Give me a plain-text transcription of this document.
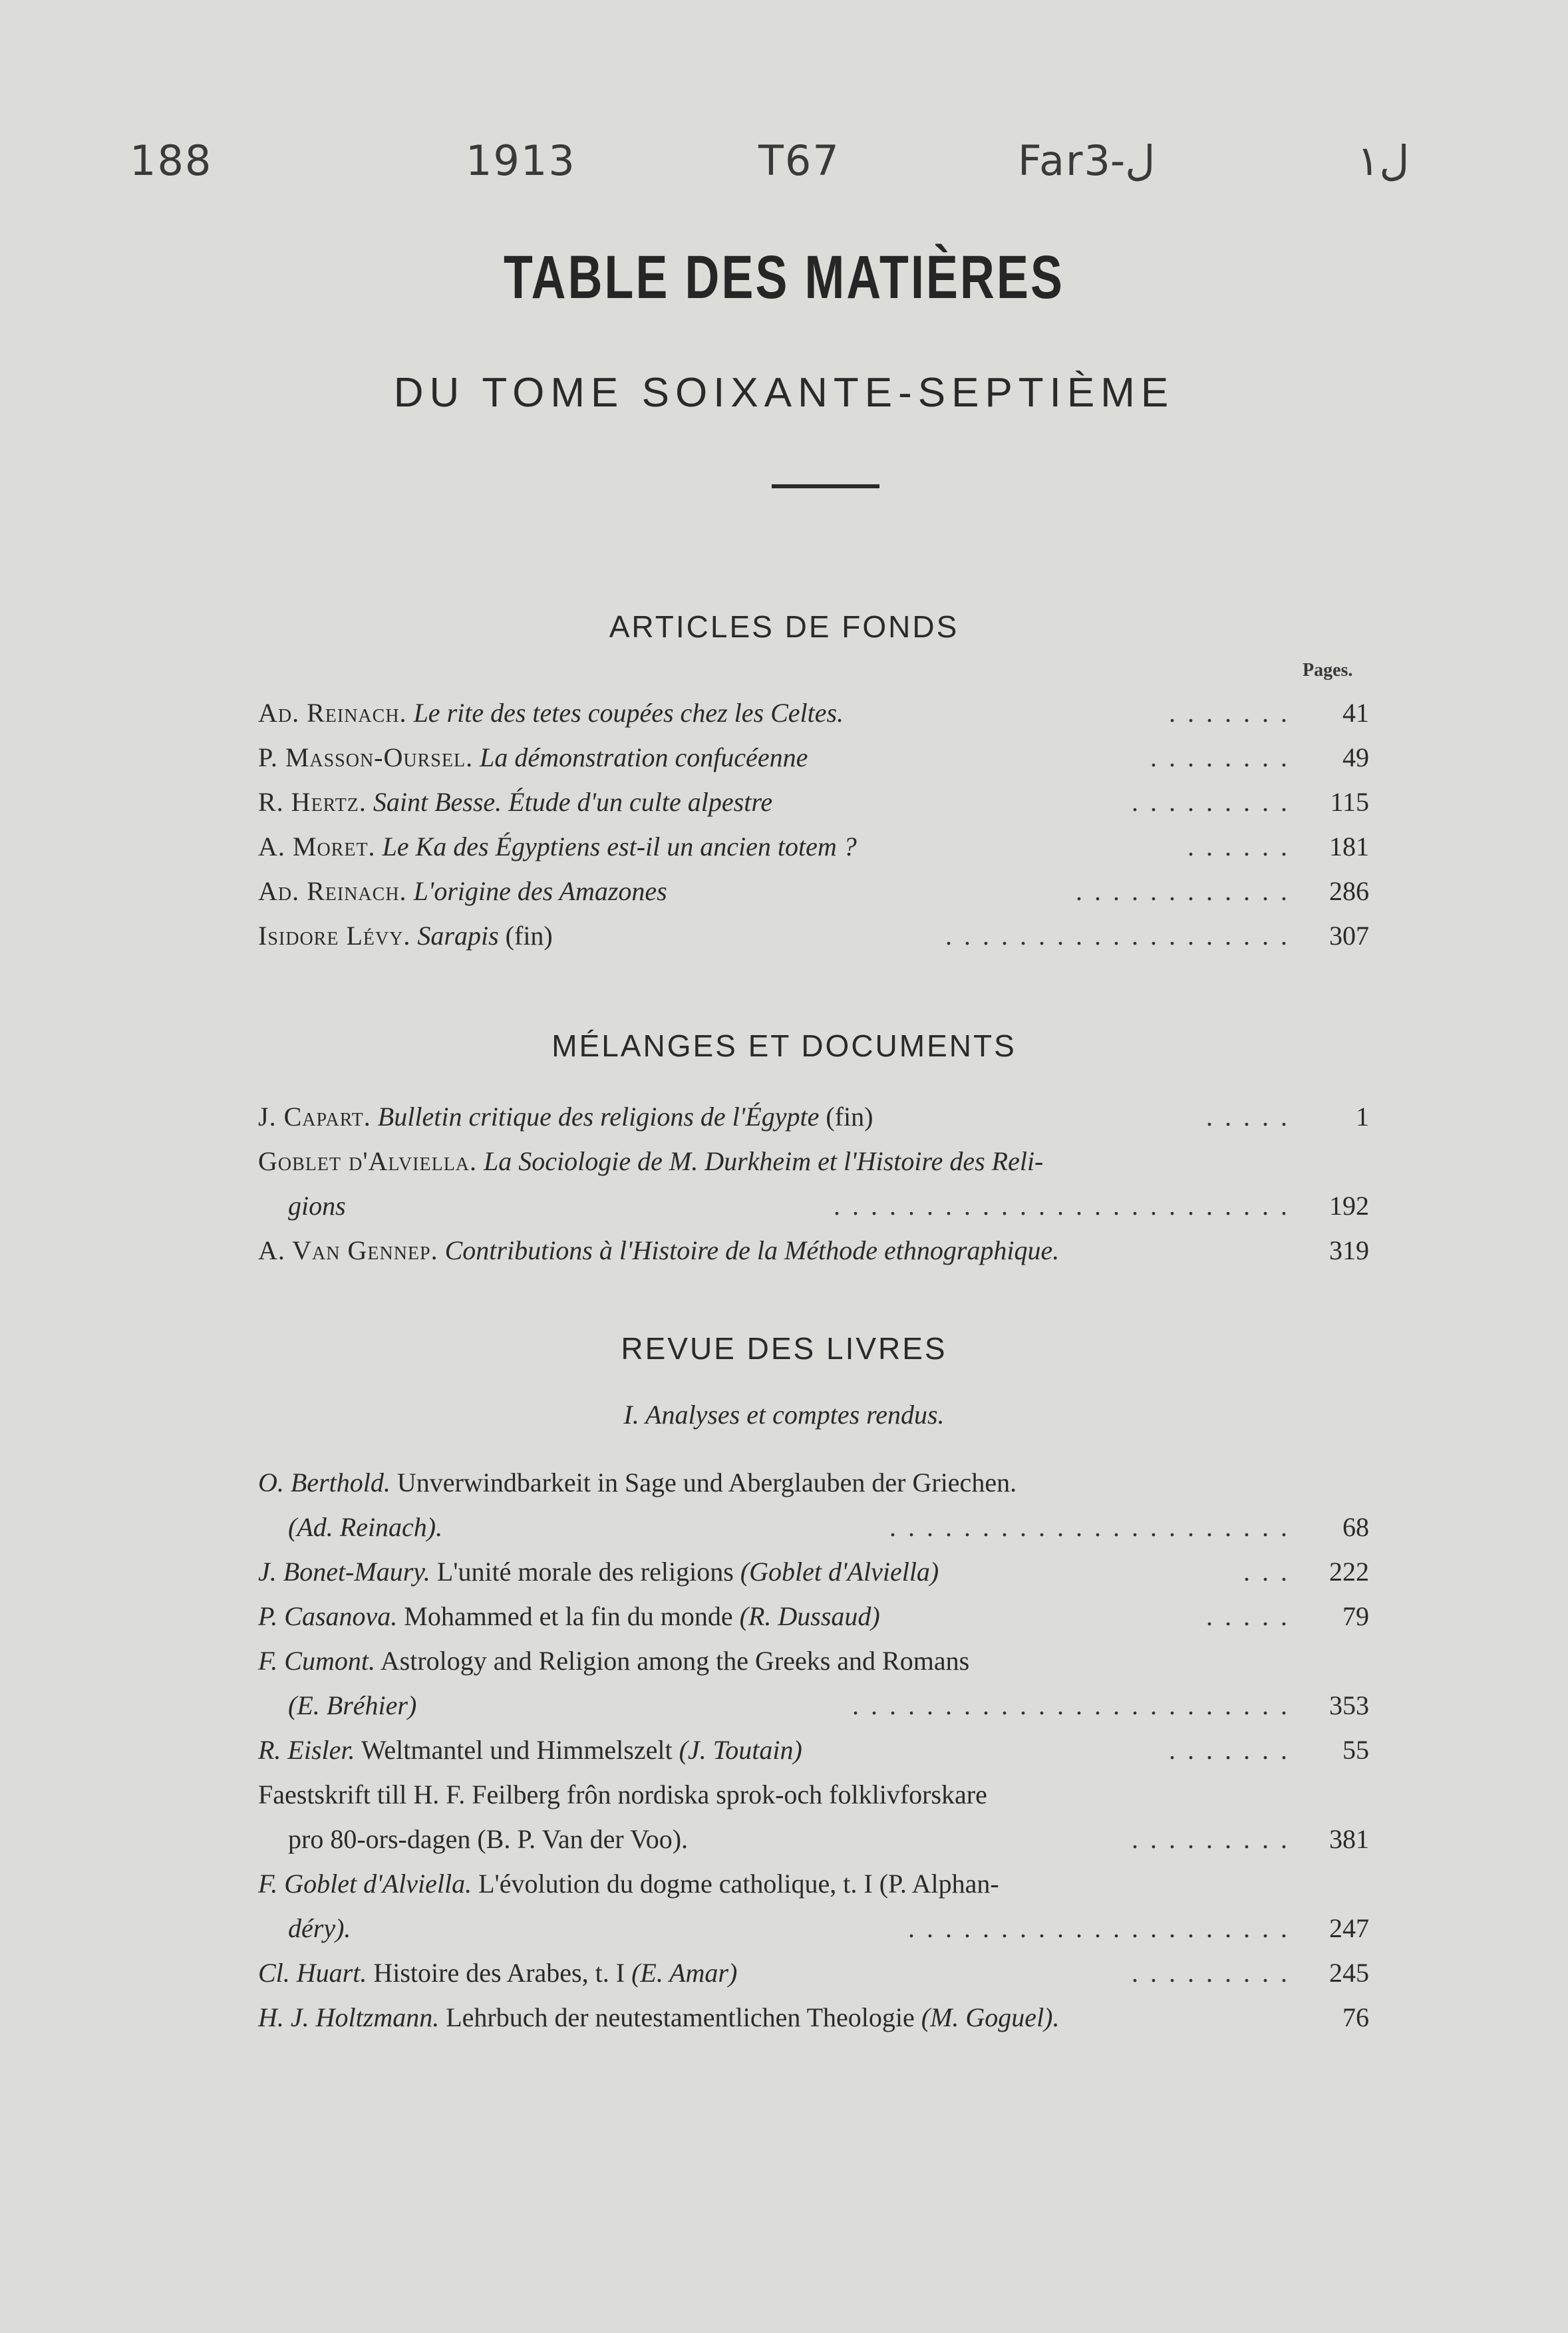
188	1913	T67	Farل-3	ل١
TABLE DES MATIÈRES
DU TOME SOIXANTE-SEPTIÈME
ARTICLES DE FONDS
Pages.
Ad. Reinach. Le rite des tetes coupées chez les Celtes.	.......	41
P. Masson-Oursel. La démonstration confucéenne	........	49
R. Hertz. Saint Besse. Étude d'un culte alpestre	.........	115
A. Moret. Le Ka des Égyptiens est-il un ancien totem ?	......	181
Ad. Reinach. L'origine des Amazones	............	286
Isidore Lévy. Sarapis (fin)	...................	307
MÉLANGES ET DOCUMENTS
J. Capart. Bulletin critique des religions de l'Égypte (fin)	.....	1
Goblet d'Alviella. La Sociologie de M. Durkheim et l'Histoire des Reli-
gions	.........................	192
A. Van Gennep. Contributions à l'Histoire de la Méthode ethnographique.	319
REVUE DES LIVRES
I. Analyses et comptes rendus.
O. Berthold. Unverwindbarkeit in Sage und Aberglauben der Griechen.
(Ad. Reinach).	......................	68
J. Bonet-Maury. L'unité morale des religions (Goblet d'Alviella)	...	222
P. Casanova. Mohammed et la fin du monde (R. Dussaud)	.....	79
F. Cumont. Astrology and Religion among the Greeks and Romans
(E. Bréhier)	........................	353
R. Eisler. Weltmantel und Himmelszelt (J. Toutain)	.......	55
Faestskrift till H. F. Feilberg frôn nordiska sprok-och folklivforskare
pro 80-ors-dagen (B. P. Van der Voo).	.........	381
F. Goblet d'Alviella. L'évolution du dogme catholique, t. I (P. Alphan-
déry).	.....................	247
Cl. Huart. Histoire des Arabes, t. I (E. Amar)	.........	245
H. J. Holtzmann. Lehrbuch der neutestamentlichen Theologie (M. Goguel).	76
